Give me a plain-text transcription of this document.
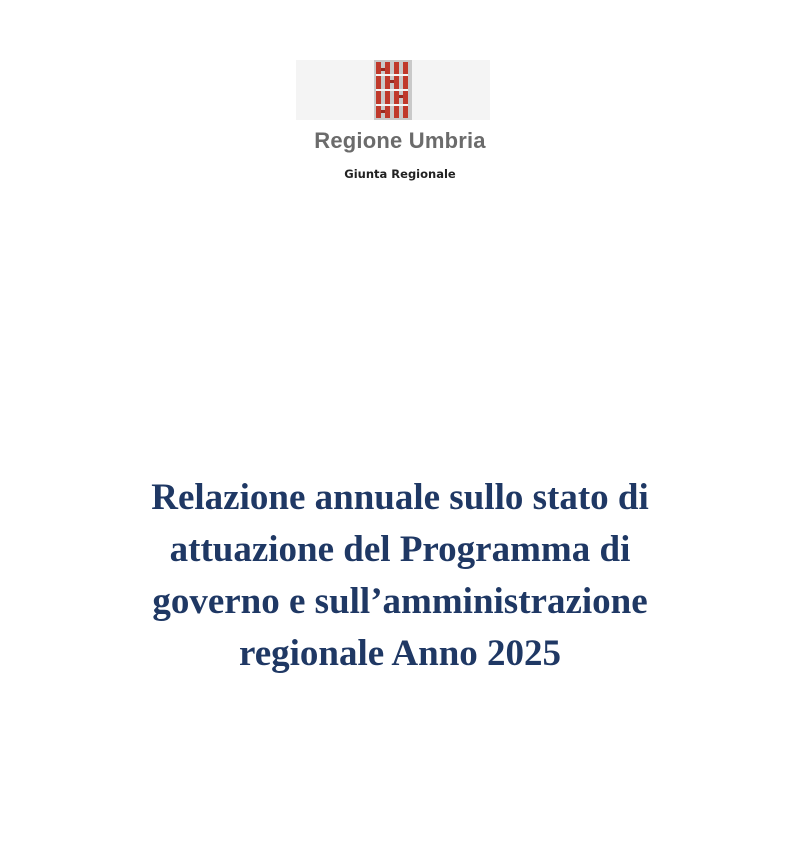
Regione Umbria
Giunta Regionale
Relazione annuale sullo stato di
attuazione del Programma di
governo e sull’amministrazione
regionale Anno 2025
